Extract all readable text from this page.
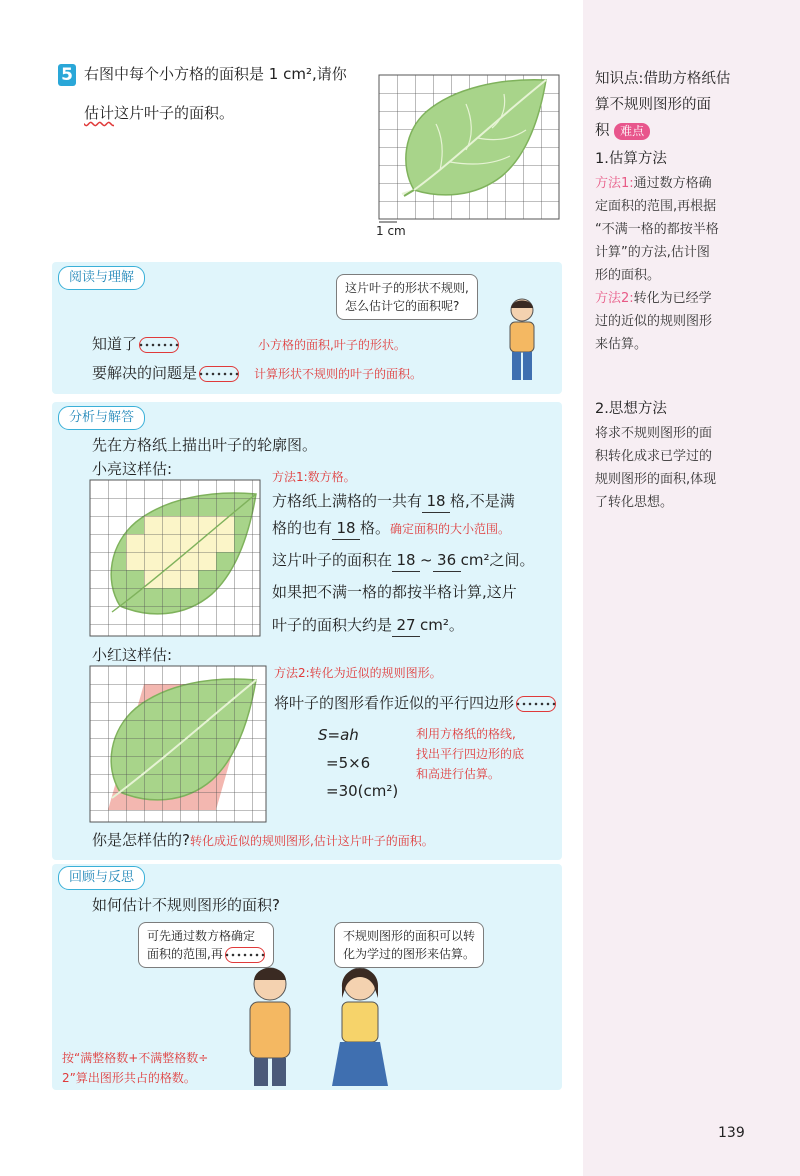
知识点:借助方格纸估
算不规则图形的面
积 难点
1.估算方法
方法1:通过数方格确
定面积的范围,再根据
“不满一格的都按半格
计算”的方法,估计图
形的面积。
方法2:转化为已经学
过的近似的规则图形
来估算。
2.思想方法
将求不规则图形的面
积转化成求已学过的
规则图形的面积,体现
了转化思想。
5 右图中每个小方格的面积是 1 cm²,请你
估计这片叶子的面积。
1 cm
阅读与理解
这片叶子的形状不规则,
怎么估计它的面积呢?
知道了	小方格的面积,叶子的形状。
要解决的问题是	计算形状不规则的叶子的面积。
分析与解答
先在方格纸上描出叶子的轮廓图。
小亮这样估:	方法1:数方格。
方格纸上满格的一共有 18 格,不是满
格的也有 18 格。确定面积的大小范围。
这片叶子的面积在 18 ~ 36 cm²之间。
如果把不满一格的都按半格计算,这片
叶子的面积大约是 27 cm²。
小红这样估:
方法2:转化为近似的规则图形。
将叶子的图形看作近似的平行四边形
S=ah
=5×6
=30(cm²)
利用方格纸的格线,
找出平行四边形的底
和高进行估算。
你是怎样估的?转化成近似的规则图形,估计这片叶子的面积。
回顾与反思
如何估计不规则图形的面积?
可先通过数方格确定
面积的范围,再
不规则图形的面积可以转
化为学过的图形来估算。
按“满整格数+不满整格数÷
2”算出图形共占的格数。
139
